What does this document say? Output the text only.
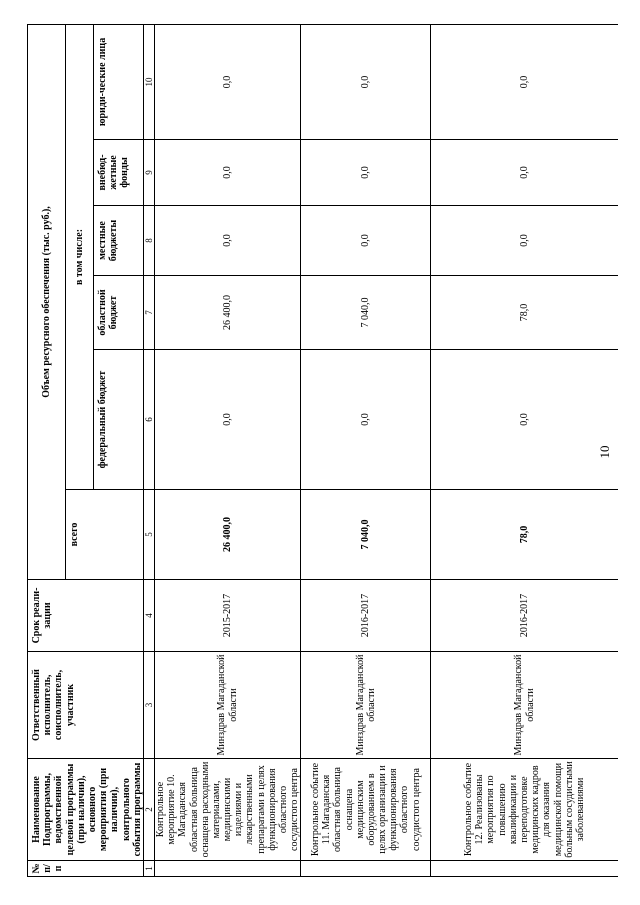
10
№ п/п	Наименование Подпрограммы, ведомственной целевой программы (при наличии), основного мероприятия (при наличии), контрольного события программы	Ответственный исполнитель, соисполнитель, участник	Срок реали-зации	Объем ресурсного обеспечения (тыс. руб.),					
				всего	в том числе:				
					федеральный бюджет	областной бюджет	местные бюджеты	внебюд-жетные фонды	юриди-ческие лица
1	2	3	4	5	6	7	8	9	10
	Контрольное мероприятие 10. Магаданская областная больница оснащена расходными материалами, медицинскими изделиями и лекарственными препаратами в целях функционирования областного сосудистого центра	Минздрав Магаданской области	2015-2017	26 400,0	0,0	26 400,0	0,0	0,0	0,0
	Контрольное событие 11. Магаданская областная больница оснащена медицинским оборудованием в целях организации и функционирования областного сосудистого центра	Минздрав Магаданской области	2016-2017	7 040,0	0,0	7 040,0	0,0	0,0	0,0
	Контрольное событие 12. Реализованы мероприятия по повышению квалификации и переподготовке медицинских кадров для оказания медицинской помощи больным сосудистыми заболеваниями	Минздрав Магаданской области	2016-2017	78,0	0,0	78,0	0,0	0,0	0,0
